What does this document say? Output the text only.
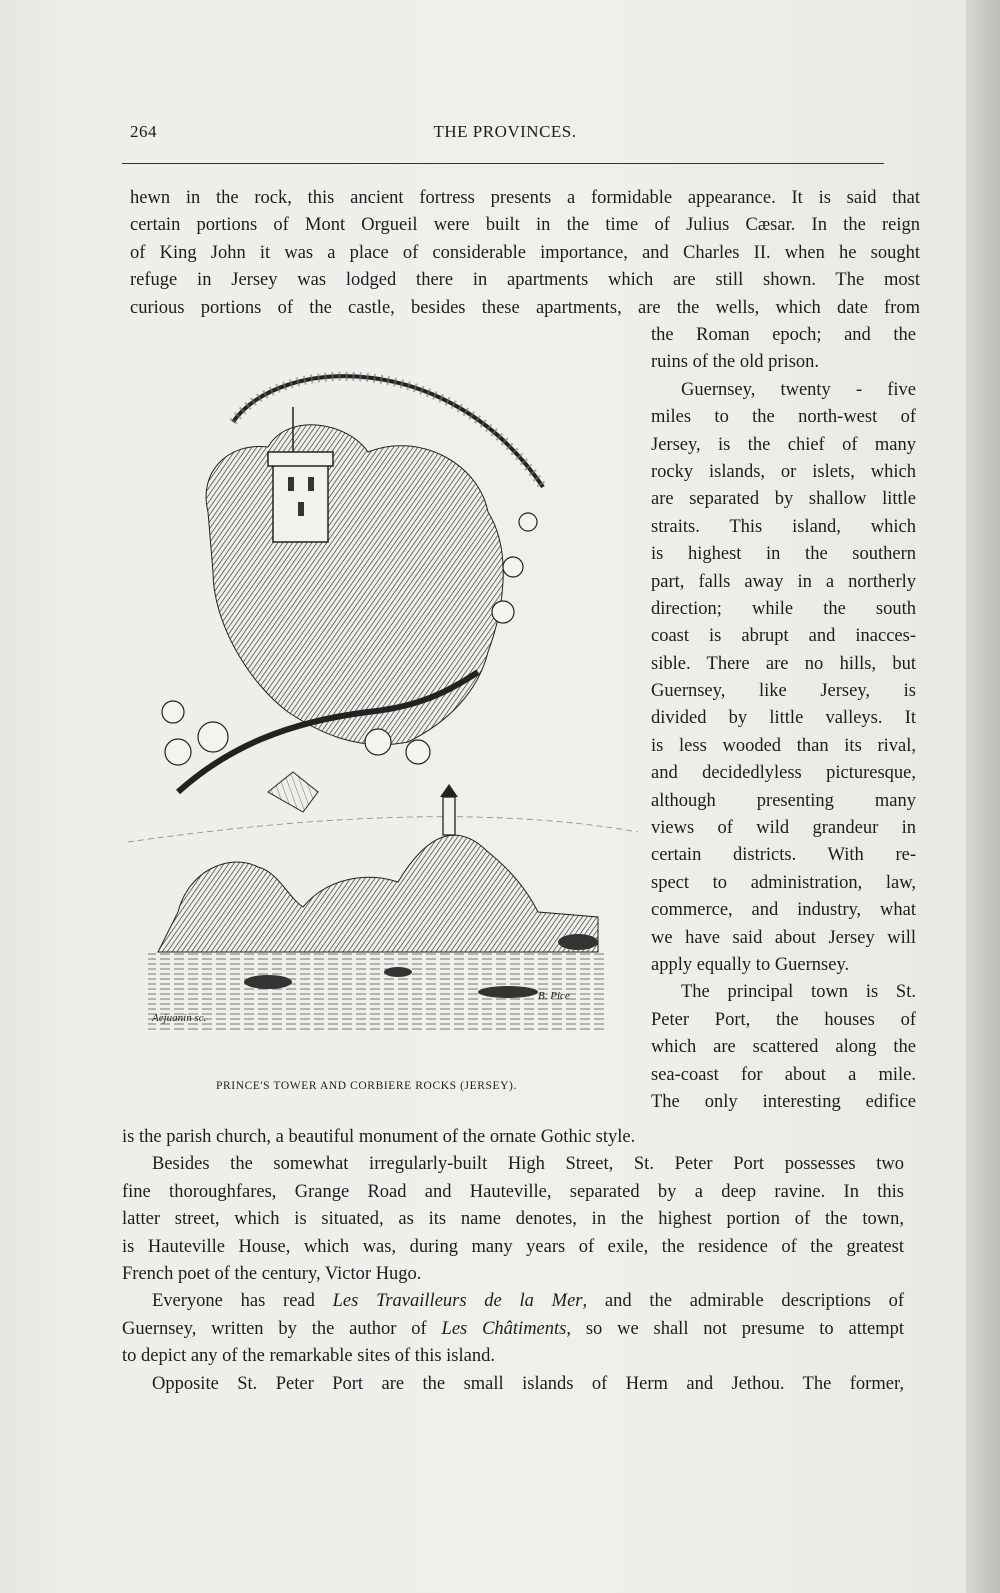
264	THE PROVINCES.
hewn in the rock, this ancient fortress presents a formidable appearance. It is said that
certain portions of Mont Orgueil were built in the time of Julius Cæsar. In the reign
of King John it was a place of considerable importance, and Charles II. when he sought
refuge in Jersey was lodged there in apartments which are still shown. The most
curious portions of the castle, besides these apartments, are the wells, which date from
the Roman epoch; and the
ruins of the old prison.
Guernsey, twenty - five
miles to the north-west of
Jersey, is the chief of many
rocky islands, or islets, which
are separated by shallow little
straits. This island, which
is highest in the southern
part, falls away in a northerly
direction; while the south
coast is abrupt and inacces-
sible. There are no hills, but
Guernsey, like Jersey, is
divided by little valleys. It
is less wooded than its rival,
and decidedlyless picturesque,
although presenting many
views of wild grandeur in
certain districts. With re-
spect to administration, law,
commerce, and industry, what
we have said about Jersey will
apply equally to Guernsey.
The principal town is St.
Peter Port, the houses of
which are scattered along the
sea-coast for about a mile.
The only interesting edifice
Aejuanin sc.
B. Pice
PRINCE'S TOWER AND CORBIERE ROCKS (JERSEY).
is the parish church, a beautiful monument of the ornate Gothic style.
Besides the somewhat irregularly-built High Street, St. Peter Port possesses two
fine thoroughfares, Grange Road and Hauteville, separated by a deep ravine. In this
latter street, which is situated, as its name denotes, in the highest portion of the town,
is Hauteville House, which was, during many years of exile, the residence of the greatest
French poet of the century, Victor Hugo.
Everyone has read Les Travailleurs de la Mer, and the admirable descriptions of
Guernsey, written by the author of Les Châtiments, so we shall not presume to attempt
to depict any of the remarkable sites of this island.
Opposite St. Peter Port are the small islands of Herm and Jethou. The former,
